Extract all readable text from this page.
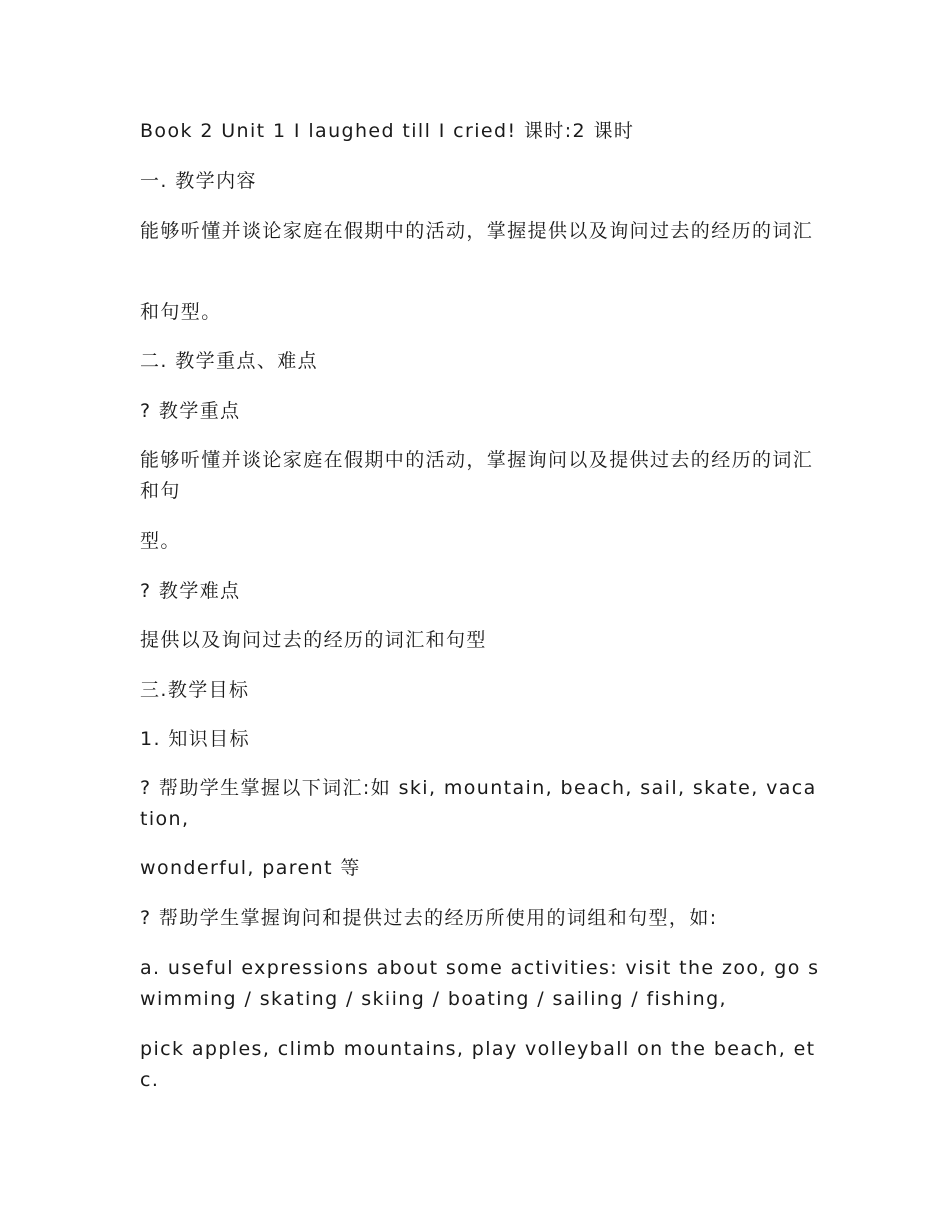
Book 2 Unit 1 I laughed till I cried! 课时:2 课时
一. 教学内容
能够听懂并谈论家庭在假期中的活动，掌握提供以及询问过去的经历的词汇
和句型。
二. 教学重点、难点
? 教学重点
能够听懂并谈论家庭在假期中的活动，掌握询问以及提供过去的经历的词汇和句
型。
? 教学难点
提供以及询问过去的经历的词汇和句型
三.教学目标
1. 知识目标
? 帮助学生掌握以下词汇:如 ski, mountain, beach, sail, skate, vacation,
wonderful, parent 等
? 帮助学生掌握询问和提供过去的经历所使用的词组和句型，如:
a. useful expressions about some activities: visit the zoo, go swimming / skating / skiing / boating / sailing / fishing,
pick apples, climb mountains, play volleyball on the beach, etc.
